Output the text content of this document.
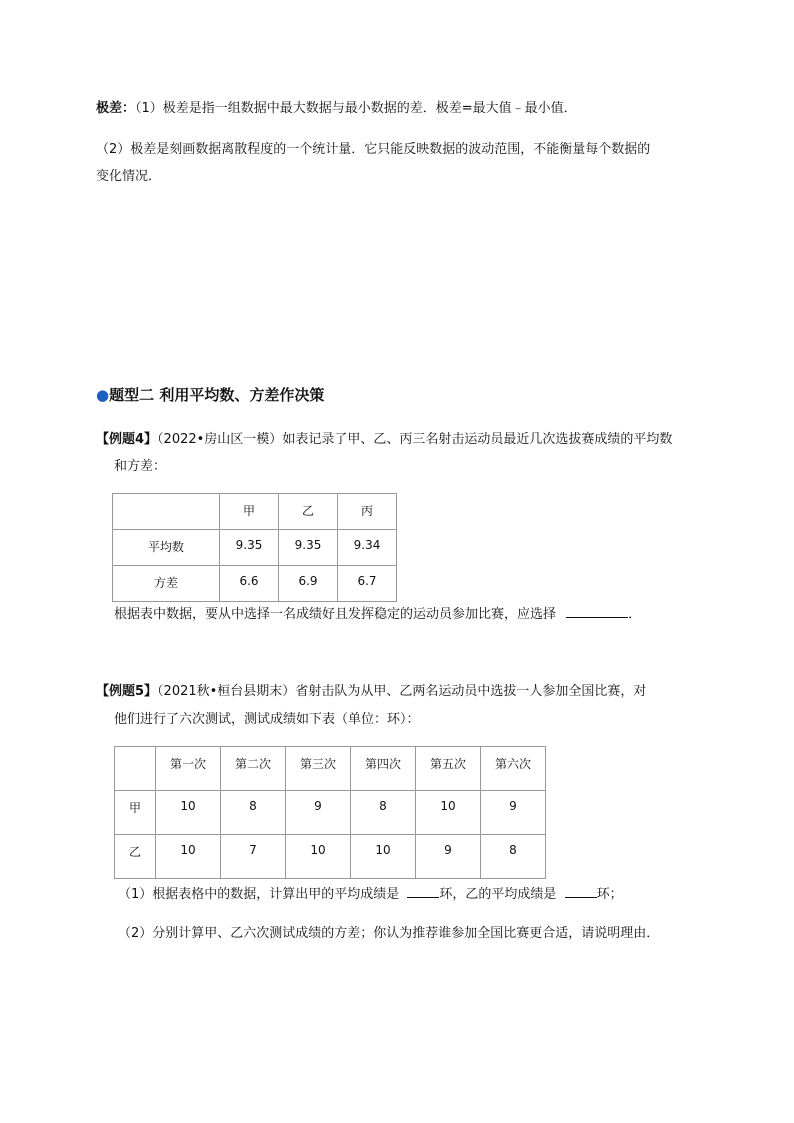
极差：（1）极差是指一组数据中最大数据与最小数据的差．极差=最大值﹣最小值．
（2）极差是刻画数据离散程度的一个统计量．它只能反映数据的波动范围，不能衡量每个数据的
变化情况．
●题型二 利用平均数、方差作决策
【例题4】（2022•房山区一模）如表记录了甲、乙、丙三名射击运动员最近几次选拔赛成绩的平均数
和方差：
	甲	乙	丙
平均数	9.35	9.35	9.34
方差	6.6	6.9	6.7
根据表中数据，要从中选择一名成绩好且发挥稳定的运动员参加比赛，应选择	．
【例题5】（2021秋•桓台县期末）省射击队为从甲、乙两名运动员中选拔一人参加全国比赛，对
他们进行了六次测试，测试成绩如下表（单位：环）：
	第一次	第二次	第三次	第四次	第五次	第六次
甲	10	8	9	8	10	9
乙	10	7	10	10	9	8
（1）根据表格中的数据，计算出甲的平均成绩是	环，乙的平均成绩是	环；
（2）分别计算甲、乙六次测试成绩的方差；你认为推荐谁参加全国比赛更合适，请说明理由．
